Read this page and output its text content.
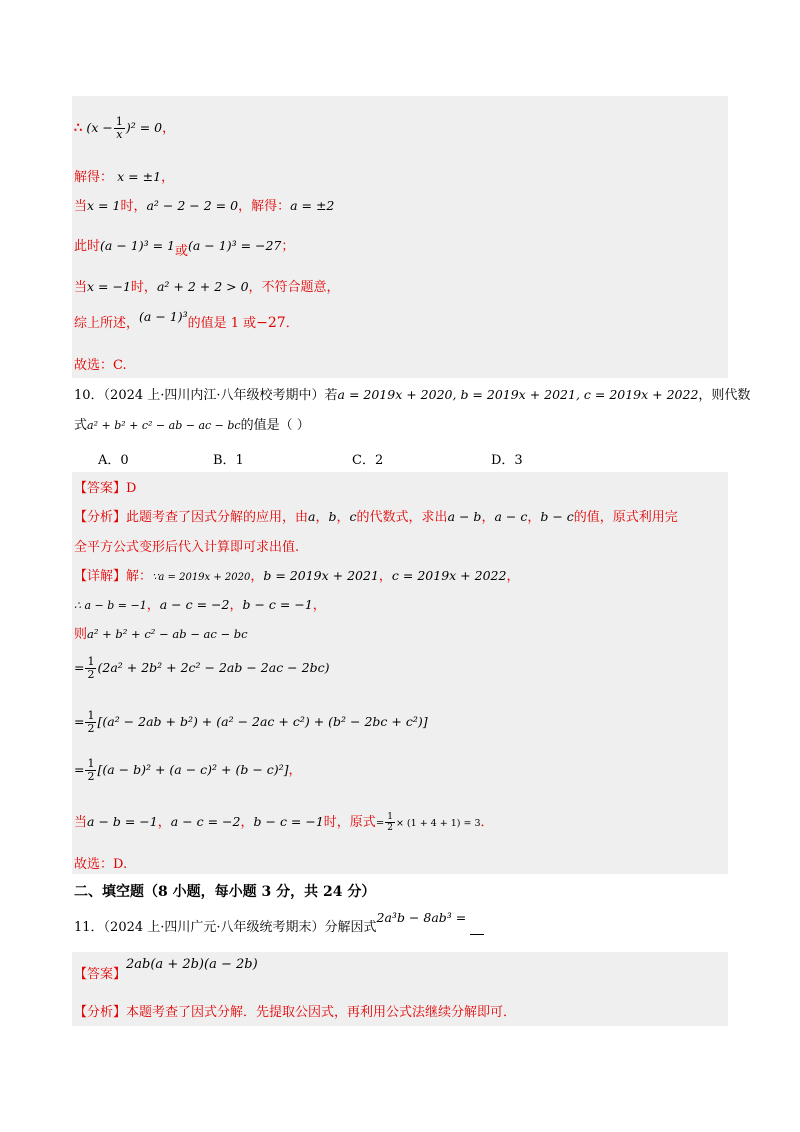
∴ $(x - \frac{1}{x} )^2 = 0$，
解得： x = ±1，
当x = 1时，a² − 2 − 2 = 0，解得：a = ±2
此时(a − 1)³ = 1或(a − 1)³ = −27；
当x = −1时，a² + 2 + 2 > 0，不符合题意，
综上所述，(a − 1)³的值是 1 或−27．
故选：C.
10．（2024 上·四川内江·八年级校考期中）若a = 2019x + 2020, b = 2019x + 2021, c = 2019x + 2022，则代数
式a² + b² + c² − ab − ac − bc的值是（ ）
A．0	B．1	C．2	D．3
【答案】D
【分析】此题考查了因式分解的应用，由a，b，c的代数式，求出a − b，a − c，b − c的值，原式利用完
全平方公式变形后代入计算即可求出值.
【详解】解：∵a = 2019x + 2020，b = 2019x + 2021，c = 2019x + 2022，
∴ a − b = −1，a − c = −2，b − c = −1，
则a² + b² + c² − ab − ac − bc
= $\frac{1}{2} (2a^2 + 2b^2 + 2c^2 - 2ab - 2ac - 2bc)$
= $\frac{1}{2} [(a^2 - 2ab + b^2) + (a^2 - 2ac + c^2) + (b^2 - 2bc + c^2)]$
= $\frac{1}{2} [(a - b)^2 + (a - c)^2 + (b - c)^2]$，
当a − b = −1，a − c = −2，b − c = −1时，原式= $\frac{1}{2} \times (1 + 4 + 1) = 3$．
故选：D.
二、填空题（8 小题，每小题 3 分，共 24 分）
11．（2024 上·四川广元·八年级统考期末）分解因式2a³b − 8ab³ =
【答案】2ab(a + 2b)(a − 2b)
【分析】本题考查了因式分解．先提取公因式，再利用公式法继续分解即可．
